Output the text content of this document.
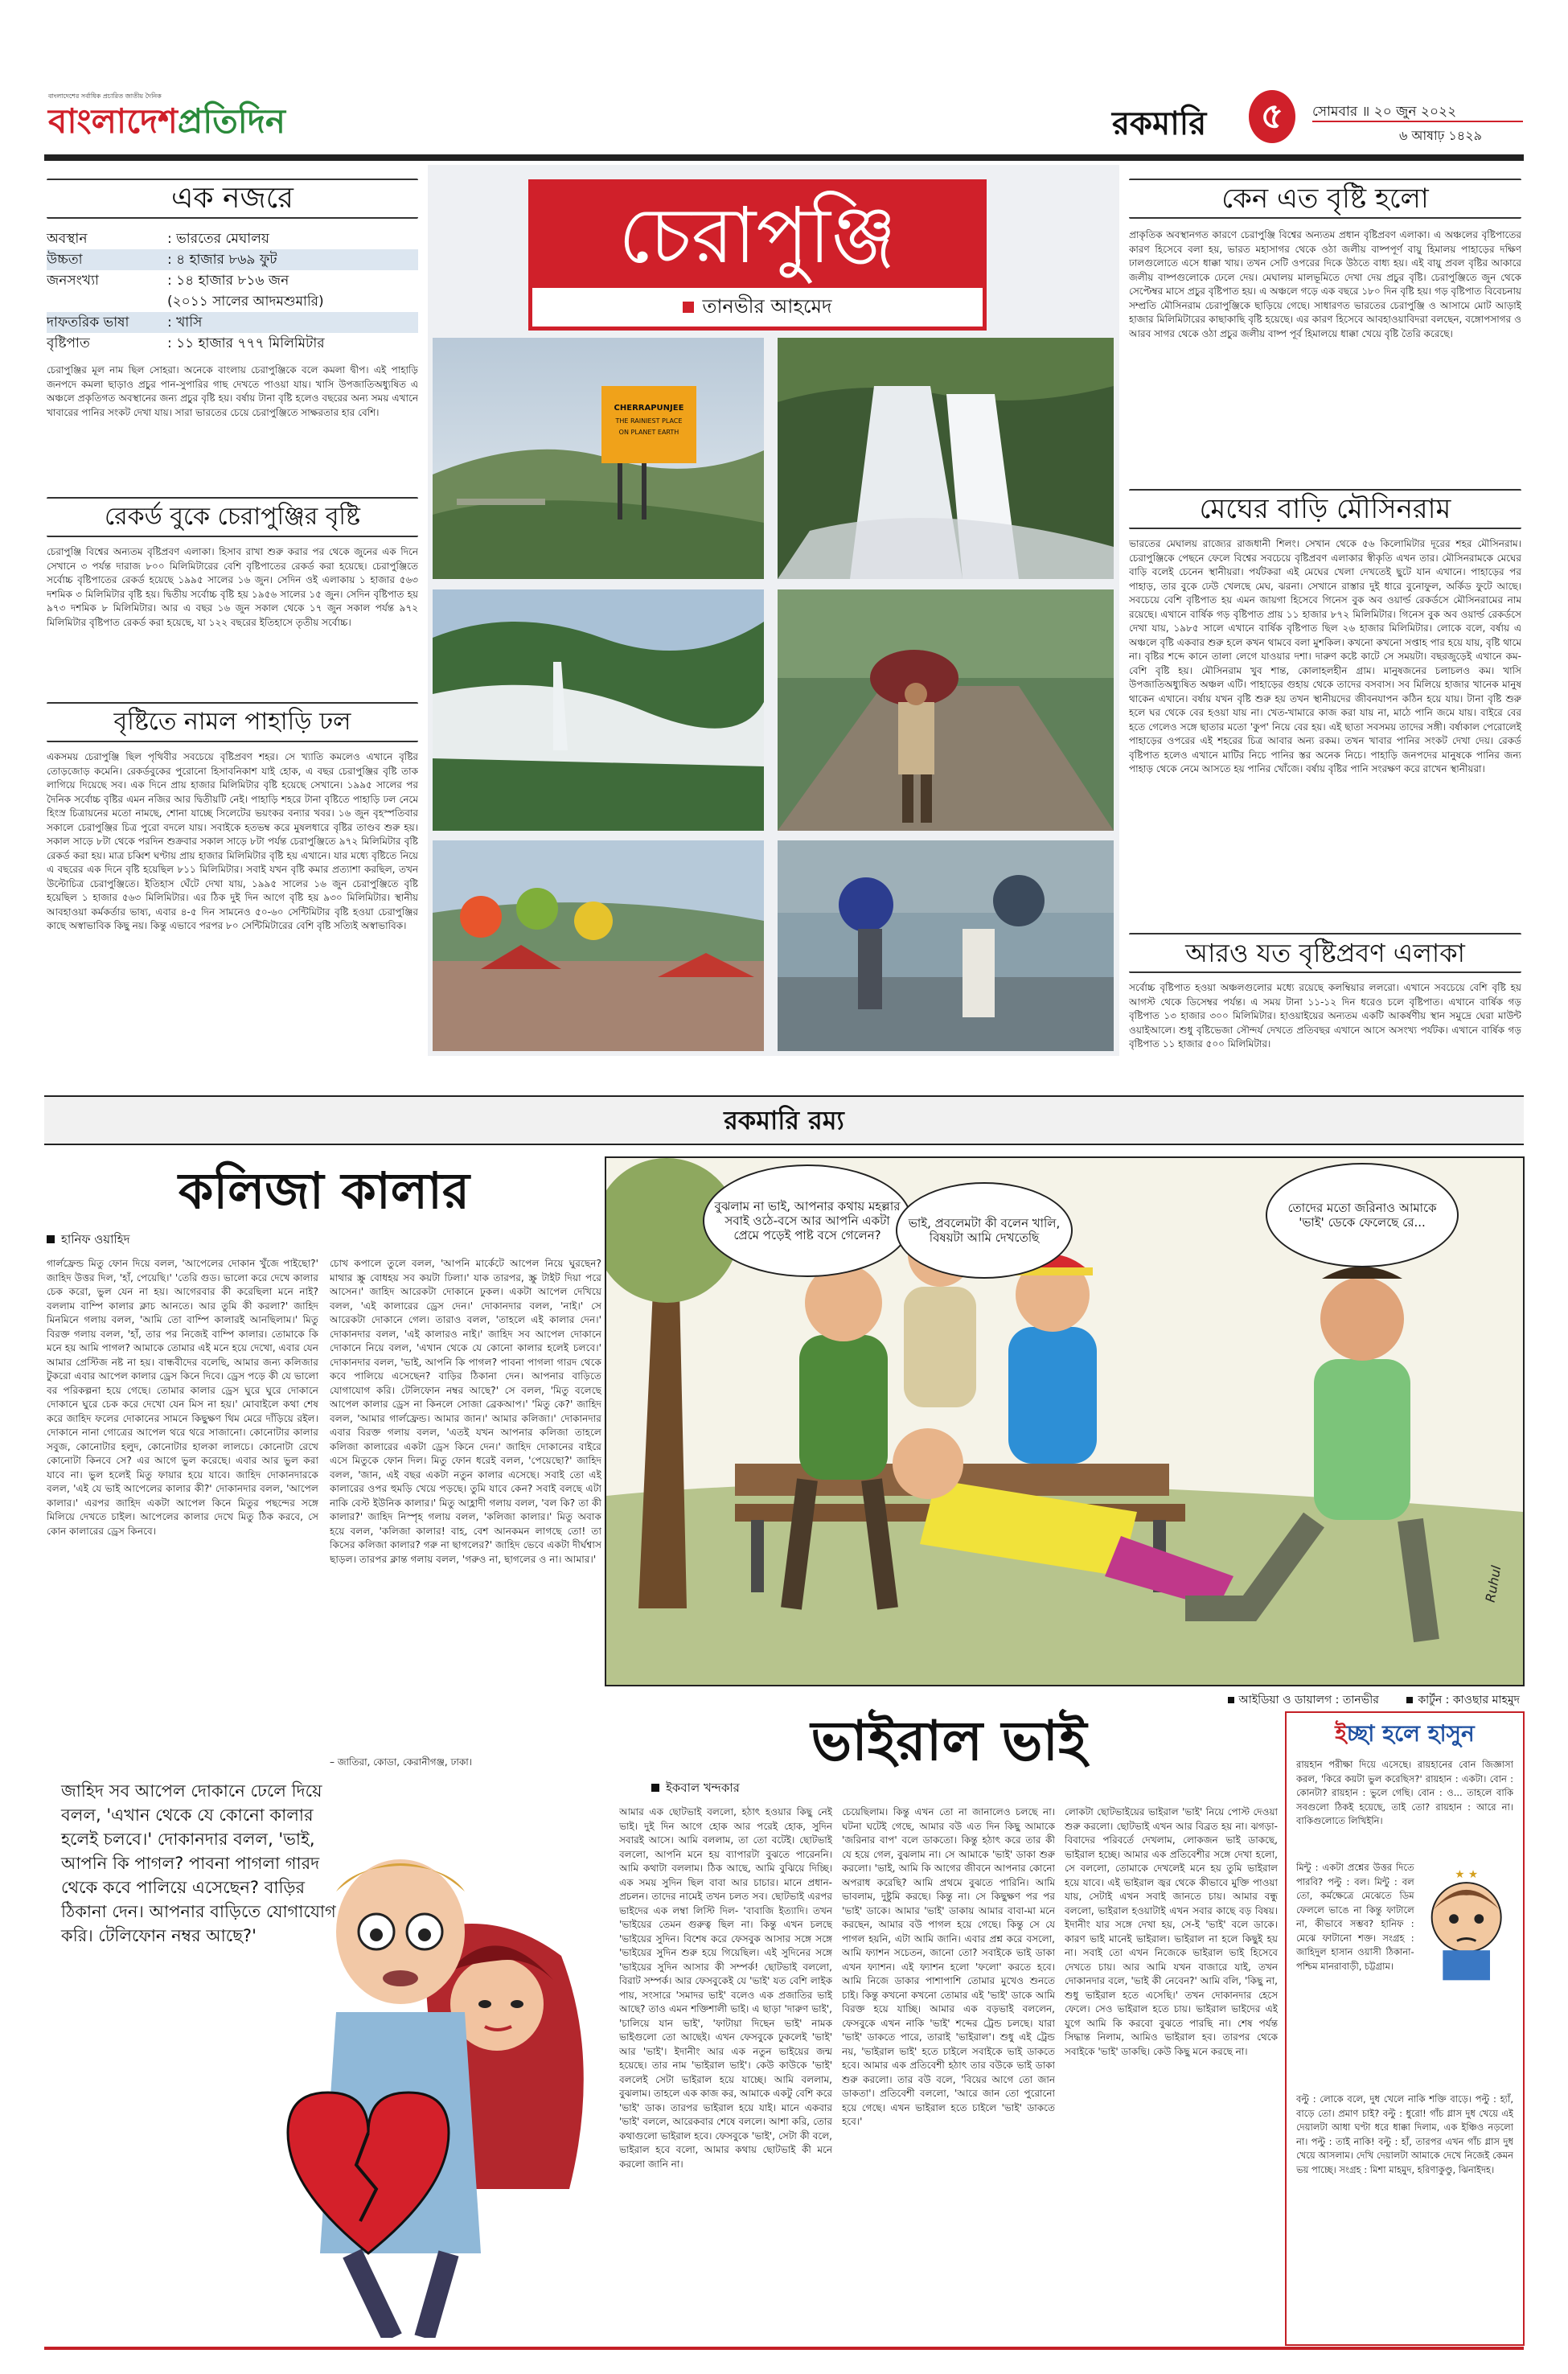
বাংলাদেশের সর্বাধিক প্রচারিত জাতীয় দৈনিক
বাংলাদেশপ্রতিদিন	রকমারি	৫	সোমবার ॥ ২০ জুন ২০২২
৬ আষাঢ় ১৪২৯
এক নজরে
অবস্থান	: ভারতের মেঘালয়
উচ্চতা	: ৪ হাজার ৮৬৯ ফুট
জনসংখ্যা	: ১৪ হাজার ৮১৬ জন
(২০১১ সালের আদমশুমারি)
দাফতরিক ভাষা	: খাসি
বৃষ্টিপাত	: ১১ হাজার ৭৭৭ মিলিমিটার
চেরাপুঞ্জির মূল নাম ছিল সোহরা। অনেকে বাংলায় চেরাপুঞ্জিকে বলে কমলা দ্বীপ। এই পাহাড়ি জনপদে কমলা ছাড়াও প্রচুর পান-সুপারির গাছ দেখতে পাওয়া যায়। খাসি উপজাতিঅধ্যুষিত এ অঞ্চলে প্রকৃতিগত অবস্থানের জন্য প্রচুর বৃষ্টি হয়। বর্ষায় টানা বৃষ্টি হলেও বছরের অন্য সময় এখানে খাবারের পানির সংকট দেখা যায়। সারা ভারতের চেয়ে চেরাপুঞ্জিতে সাক্ষরতার হার বেশি।
রেকর্ড বুকে চেরাপুঞ্জির বৃষ্টি
চেরাপুঞ্জি বিশ্বের অন্যতম বৃষ্টিপ্রবণ এলাকা। হিসাব রাখা শুরু করার পর থেকে জুনের এক দিনে সেখানে ৩ পর্যন্ত দারাজ ৮০০ মিলিমিটারের বেশি বৃষ্টিপাতের রেকর্ড করা হয়েছে। চেরাপুঞ্জিতে সর্বোচ্চ বৃষ্টিপাতের রেকর্ড হয়েছে ১৯৯৫ সালের ১৬ জুন। সেদিন ওই এলাকায় ১ হাজার ৫৬৩ দশমিক ৩ মিলিমিটার বৃষ্টি হয়। দ্বিতীয় সর্বোচ্চ বৃষ্টি হয় ১৯৫৬ সালের ১৫ জুন। সেদিন বৃষ্টিপাত হয় ৯৭৩ দশমিক ৮ মিলিমিটার। আর এ বছর ১৬ জুন সকাল থেকে ১৭ জুন সকাল পর্যন্ত ৯৭২ মিলিমিটার বৃষ্টিপাত রেকর্ড করা হয়েছে, যা ১২২ বছরের ইতিহাসে তৃতীয় সর্বোচ্চ।
বৃষ্টিতে নামল পাহাড়ি ঢল
একসময় চেরাপুঞ্জি ছিল পৃথিবীর সবচেয়ে বৃষ্টিপ্রবণ শহর। সে খ্যাতি কমলেও এখানে বৃষ্টির তোড়জোড় কমেনি। রেকর্ডবুকের পুরোনো হিসাবনিকাশ যাই হোক, এ বছর চেরাপুঞ্জির বৃষ্টি তাক লাগিয়ে দিয়েছে সব। এক দিনে প্রায় হাজার মিলিমিটার বৃষ্টি হয়েছে সেখানে। ১৯৯৫ সালের পর দৈনিক সর্বোচ্চ বৃষ্টির এমন নজির আর দ্বিতীয়টি নেই। পাহাড়ি শহরে টানা বৃষ্টিতে পাহাড়ি ঢল নেমে হিংস্র চিত্রায়নের মতো নামছে, শোনা যাচ্ছে সিলেটের ভয়ংকর বন্যার খবর। ১৬ জুন বৃহস্পতিবার সকালে চেরাপুঞ্জির চিত্র পুরো বদলে যায়। সবাইকে হতভম্ব করে মুষলধারে বৃষ্টির তাণ্ডব শুরু হয়। সকাল সাড়ে ৮টা থেকে পরদিন শুক্রবার সকাল সাড়ে ৮টা পর্যন্ত চেরাপুঞ্জিতে ৯৭২ মিলিমিটার বৃষ্টি রেকর্ড করা হয়। মাত্র চব্বিশ ঘণ্টায় প্রায় হাজার মিলিমিটার বৃষ্টি হয় এখানে। যার মধ্যে বৃষ্টিতে নিয়ে এ বছরের এক দিনে বৃষ্টি হয়েছিল ৮১১ মিলিমিটার। সবাই যখন বৃষ্টি কমার প্রত্যাশা করছিল, তখন উল্টোচিত্র চেরাপুঞ্জিতে। ইতিহাস ঘেঁটে দেখা যায়, ১৯৯৫ সালের ১৬ জুন চেরাপুঞ্জিতে বৃষ্টি হয়েছিল ১ হাজার ৫৬৩ মিলিমিটার। এর ঠিক দুই দিন আগে বৃষ্টি হয় ৯৩০ মিলিমিটার। স্থানীয় আবহাওয়া কর্মকর্তার ভাষ্য, এবার ৪-৫ দিন সামনেও ৫০-৬০ সেন্টিমিটার বৃষ্টি হওয়া চেরাপুঞ্জির কাছে অস্বাভাবিক কিছু নয়। কিন্তু এভাবে পরপর ৮০ সেন্টিমিটারের বেশি বৃষ্টি সত্যিই অস্বাভাবিক।
চেরাপুঞ্জি
তানভীর আহমেদ
CHERRAPUNJEE
THE RAINIEST PLACE
ON PLANET EARTH
কেন এত বৃষ্টি হলো
প্রাকৃতিক অবস্থানগত কারণে চেরাপুঞ্জি বিশ্বের অন্যতম প্রধান বৃষ্টিপ্রবণ এলাকা। এ অঞ্চলের বৃষ্টিপাতের কারণ হিসেবে বলা হয়, ভারত মহাসাগর থেকে ওঠা জলীয় বাষ্পপূর্ণ বায়ু হিমালয় পাহাড়ের দক্ষিণ ঢালগুলোতে এসে ধাক্কা খায়। তখন সেটি ওপরের দিকে উঠতে বাধ্য হয়। এই বায়ু প্রবল বৃষ্টির আকারে জলীয় বাষ্পগুলোকে ঢেলে দেয়। মেঘালয় মালভূমিতে দেখা দেয় প্রচুর বৃষ্টি। চেরাপুঞ্জিতে জুন থেকে সেপ্টেম্বর মাসে প্রচুর বৃষ্টিপাত হয়। এ অঞ্চলে গড়ে এক বছরে ১৮০ দিন বৃষ্টি হয়। গড় বৃষ্টিপাত বিবেচনায় সম্প্রতি মৌসিনরাম চেরাপুঞ্জিকে ছাড়িয়ে গেছে। সাধারণত ভারতের চেরাপুঞ্জি ও আসামে মোট আড়াই হাজার মিলিমিটারের কাছাকাছি বৃষ্টি হয়েছে। এর কারণ হিসেবে আবহাওয়াবিদরা বলছেন, বঙ্গোপসাগর ও আরব সাগর থেকে ওঠা প্রচুর জলীয় বাষ্প পূর্ব হিমালয়ে ধাক্কা খেয়ে বৃষ্টি তৈরি করেছে।
মেঘের বাড়ি মৌসিনরাম
ভারতের মেঘালয় রাজ্যের রাজধানী শিলং। সেখান থেকে ৫৬ কিলোমিটার দূরের শহর মৌসিনরাম। চেরাপুঞ্জিকে পেছনে ফেলে বিশ্বের সবচেয়ে বৃষ্টিপ্রবণ এলাকার স্বীকৃতি এখন তার। মৌসিনরামকে মেঘের বাড়ি বলেই চেনেন স্থানীয়রা। পর্যটকরা এই মেঘের খেলা দেখতেই ছুটে যান এখানে। পাহাড়ের পর পাহাড়, তার বুকে ঢেউ খেলছে মেঘ, ঝরনা। সেখানে রাস্তার দুই ধারে বুনোফুল, অর্কিড ফুটে আছে। সবচেয়ে বেশি বৃষ্টিপাত হয় এমন জায়গা হিসেবে গিনেস বুক অব ওয়ার্ল্ড রেকর্ডসে মৌসিনরামের নাম রয়েছে। এখানে বার্ষিক গড় বৃষ্টিপাত প্রায় ১১ হাজার ৮৭২ মিলিমিটার। গিনেস বুক অব ওয়ার্ল্ড রেকর্ডসে দেখা যায়, ১৯৮৫ সালে এখানে বার্ষিক বৃষ্টিপাত ছিল ২৬ হাজার মিলিমিটার। লোকে বলে, বর্ষায় এ অঞ্চলে বৃষ্টি একবার শুরু হলে কখন থামবে বলা মুশকিল। কখনো কখনো সপ্তাহ পার হয়ে যায়, বৃষ্টি থামে না। বৃষ্টির শব্দে কানে তালা লেগে যাওয়ার দশা। দারুণ কষ্টে কাটে সে সময়টা। বছরজুড়েই এখানে কম-বেশি বৃষ্টি হয়। মৌসিনরাম খুব শান্ত, কোলাহলহীন গ্রাম। মানুষজনের চলাচলও কম। খাসি উপজাতিঅধ্যুষিত অঞ্চল এটি। পাহাড়ের গুহায় থেকে তাদের বসবাস। সব মিলিয়ে হাজার খানেক মানুষ থাকেন এখানে। বর্ষায় যখন বৃষ্টি শুরু হয় তখন স্থানীয়দের জীবনযাপন কঠিন হয়ে যায়। টানা বৃষ্টি শুরু হলে ঘর থেকে বের হওয়া যায় না। খেত-খামারে কাজ করা যায় না, মাঠে পানি জমে যায়। বাইরে বের হতে গেলেও সঙ্গে ছাতার মতো 'কুপ' নিয়ে বের হয়। এই ছাতা সবসময় তাদের সঙ্গী। বর্ষাকাল পেরোলেই পাহাড়ের ওপরের এই শহরের চিত্র আবার অন্য রকম। তখন খাবার পানির সংকট দেখা দেয়। রেকর্ড বৃষ্টিপাত হলেও এখানে মাটির নিচে পানির স্তর অনেক নিচে। পাহাড়ি জনপদের মানুষকে পানির জন্য পাহাড় থেকে নেমে আসতে হয় পানির খোঁজে। বর্ষায় বৃষ্টির পানি সংরক্ষণ করে রাখেন স্থানীয়রা।
আরও যত বৃষ্টিপ্রবণ এলাকা
সর্বোচ্চ বৃষ্টিপাত হওয়া অঞ্চলগুলোর মধ্যে রয়েছে কলম্বিয়ার ললরো। এখানে সবচেয়ে বেশি বৃষ্টি হয় আগস্ট থেকে ডিসেম্বর পর্যন্ত। এ সময় টানা ১১-১২ দিন ধরেও চলে বৃষ্টিপাত। এখানে বার্ষিক গড় বৃষ্টিপাত ১৩ হাজার ৩০০ মিলিমিটার। হাওয়াইয়ের অন্যতম একটি আকর্ষণীয় স্থান সমুদ্রে ঘেরা মাউন্ট ওয়াইআলে। শুধু বৃষ্টিভেজা সৌন্দর্য দেখতে প্রতিবছর এখানে আসে অসংখ্য পর্যটক। এখানে বার্ষিক গড় বৃষ্টিপাত ১১ হাজার ৫০০ মিলিমিটার।
রকমারি রম্য
কলিজা কালার
হানিফ ওয়াহিদ
গার্লফ্রেন্ড মিতু ফোন দিয়ে বলল, 'আপেলের দোকান খুঁজে পাইছো?' জাহিদ উত্তর দিল, 'হাঁ, পেয়েছি।' 'তেরি গুড। ভালো করে দেখে কালার চেক করো, ভুল যেন না হয়। আগেরবার কী করেছিলা মনে নাই? বললাম বাম্পি কালার ক্লাচ আনতে। আর তুমি কী করলা?' জাহিদ মিনমিনে গলায় বলল, 'আমি তো বাম্পি কালারই আনছিলাম।' মিতু বিরক্ত গলায় বলল, 'হাঁ, তার পর নিজেই বাম্পি কালার। তোমাকে কি মনে হয় আমি পাগল? আমাকে তোমার এই মনে হয়ে দেখো, এবার যেন আমার প্রেস্টিজ নষ্ট না হয়। বান্ধবীদের বলেছি, আমার জন্য কলিজার টুকরো এবার আপেল কালার ড্রেস কিনে দিবে। ড্রেস পড়ে কী যে ভালো বর পরিকল্পনা হয়ে গেছে। তোমার কালার ড্রেস ঘুরে ঘুরে দোকানে দোকানে ঘুরে চেক করে দেখো যেন মিস না হয়।' মোবাইলে কথা শেষ করে জাহিদ ফলের দোকানের সামনে কিছুক্ষণ থিম মেরে দাঁড়িয়ে রইল। দোকানে নানা গোত্রের আপেল থরে থরে সাজানো। কোনোটার কালার সবুজ, কোনোটার হলুদ, কোনোটার হালকা লালচে। কোনোটা রেখে কোনোটা কিনবে সে? এর আগে ভুল করেছে। এবার আর ভুল করা যাবে না। ভুল হলেই মিতু ফায়ার হয়ে যাবে। জাহিদ দোকানদারকে বলল, 'এই যে ভাই আপেলের কালার কী?' দোকানদার বলল, 'আপেল কালার।' এরপর জাহিদ একটা আপেল কিনে মিতুর পছন্দের সঙ্গে মিলিয়ে দেখতে চাইল। আপেলের কালার দেখে মিতু ঠিক করবে, সে কোন কালারের ড্রেস কিনবে।
চোখ কপালে তুলে বলল, 'আপনি মার্কেটে আপেল নিয়ে ঘুরছেন? মাথার স্ক্রু বোধহয় সব কয়টা ঢিলা।' যাক তারপর, স্ক্রু টাইট দিয়া পরে আসেন।' জাহিদ আরেকটা দোকানে ঢুকল। একটা আপেল দেখিয়ে বলল, 'এই কালারের ড্রেস দেন।' দোকানদার বলল, 'নাই।' সে আরেকটা দোকানে গেল। তারাও বলল, 'তাহলে এই কালার দেন।' দোকানদার বলল, 'এই কালারও নাই।' জাহিদ সব আপেল দোকানে দোকানে নিয়ে বলল, 'এখান থেকে যে কোনো কালার হলেই চলবে।' দোকানদার বলল, 'ভাই, আপনি কি পাগল? পাবনা পাগলা গারদ থেকে কবে পালিয়ে এসেছেন? বাড়ির ঠিকানা দেন। আপনার বাড়িতে যোগাযোগ করি। টেলিফোন নম্বর আছে?' সে বলল, 'মিতু বলেছে আপেল কালার ড্রেস না কিনলে সোজা ব্রেকআপ।' 'মিতু কে?' জাহিদ বলল, 'আমার গার্লফ্রেন্ড। আমার জান।' আমার কলিজা।' দোকানদার এবার বিরক্ত গলায় বলল, 'এতই যখন আপনার কলিজা তাহলে কলিজা কালারের একটা ড্রেস কিনে দেন।' জাহিদ দোকানের বাইরে এসে মিতুকে ফোন দিল। মিতু ফোন ধরেই বলল, 'পেয়েছো?' জাহিদ বলল, 'জান, এই বছর একটা নতুন কালার এসেছে। সবাই তো এই কালারের ওপর হুমড়ি খেয়ে পড়ছে। তুমি যাবে কেন? সবাই বলছে এটা নাকি বেস্ট ইউনিক কালার।' মিতু আহ্লাদী গলায় বলল, 'বল কি? তা কী কালার?' জাহিদ নিস্পৃহ গলায় বলল, 'কলিজা কালার।' মিতু অবাক হয়ে বলল, 'কলিজা কালার! বাহ, বেশ আনকমন লাগছে তো! তা কিসের কলিজা কালার? গরু না ছাগলের?' জাহিদ ভেবে একটা দীর্ঘশ্বাস ছাড়ল। তারপর ক্লান্ত গলায় বলল, 'গরুও না, ছাগলের ও না। আমার।'
– জাতিরা, কোডা, কেরানীগঞ্জ, ঢাকা।
জাহিদ সব আপেল দোকানে ঢেলে দিয়ে বলল, 'এখান থেকে যে কোনো কালার হলেই চলবে।' দোকানদার বলল, 'ভাই, আপনি কি পাগল? পাবনা পাগলা গারদ থেকে কবে পালিয়ে এসেছেন? বাড়ির ঠিকানা দেন। আপনার বাড়িতে যোগাযোগ করি। টেলিফোন নম্বর আছে?'
বুঝলাম না ভাই, আপনার কথায় মহল্লার সবাই ওঠে-বসে আর আপনি একটা প্রেমে পড়েই পাষ্ট বসে গেলেন?
ভাই, প্রবলেমটা কী বলেন খালি, বিষয়টা আমি দেখতেছি
তোদের মতো জরিনাও আমাকে 'ভাই' ডেকে ফেলেছে রে...
Ruhul
আইডিয়া ও ডায়ালগ : তানভীর	কার্টুন : কাওছার মাহমুদ
ভাইরাল ভাই
ইকবাল খন্দকার
আমার এক ছোটভাই বললো, হঠাৎ হওয়ার কিছু নেই ভাই। দুই দিন আগে হোক আর পরেই হোক, সুদিন সবারই আসে। আমি বললাম, তা তো বটেই। ছোটভাই বললো, আপনি মনে হয় ব্যাপারটা বুঝতে পারেননি। আমি কথাটা বললাম। ঠিক আছে, আমি বুঝিয়ে দিচ্ছি। এক সময় সুদিন ছিল বাবা আর চাচার। মানে প্রধান-প্রচলন। তাদের নামেই তখন চলত সব। ছোটভাই এরপর ভাইদের এক লম্বা লিস্টি দিল- 'বাবাজি ইত্যাদি। তখন 'ভাইয়ের তেমন গুরুত্ব ছিল না। কিন্তু এখন চলছে 'ভাইয়ের সুদিন। বিশেষ করে ফেসবুক আসার সঙ্গে সঙ্গে 'ভাইয়ের সুদিন শুরু হয়ে গিয়েছিল। এই সুদিনের সঙ্গে 'ভাইয়ের সুদিন আসার কী সম্পর্ক! ছোটভাই বললো, বিরাট সম্পর্ক। আর ফেসবুকেই যে 'ভাই' যত বেশি লাইক পায়, সংসারে 'সমাদর ভাই' বলেও এক প্রজাতির ভাই আছে? তাও এমন শক্তিশালী ভাই। এ ছাড়া 'দারুণ ভাই', 'চালিয়ে যান ভাই', 'ফাটায়া দিছেন ভাই' নামক ভাইগুলো তো আছেই। এখন ফেসবুকে ঢুকলেই 'ভাই' আর 'ভাই'। ইদানীং আর এক নতুন ভাইয়ের জন্ম হয়েছে। তার নাম 'ভাইরাল ভাই'। কেউ কাউকে 'ভাই' বললেই সেটা ভাইরাল হয়ে যাচ্ছে। আমি বললাম, বুঝলাম। তাহলে এক কাজ কর, আমাকে একটু বেশি করে 'ভাই' ডাক। তারপর ভাইরাল হয়ে যাই। মানে একবার 'ভাই' বললে, আরেকবার শেষে বললে। আশা করি, তোর কথাগুলো ভাইরাল হবে। ফেসবুকে 'ভাই', সেটা কী বলে, ভাইরাল হবে বলো, আমার কথায় ছোটভাই কী মনে করলো জানি না।
চেয়েছিলাম। কিন্তু এখন তো না জানালেও চলছে না। ঘটনা ঘটেই গেছে, আমার বউ এত দিন কিছু আমাকে 'জরিনার বাপ' বলে ডাকতো। কিন্তু হঠাৎ করে তার কী যে হয়ে গেল, বুঝলাম না। সে আমাকে 'ভাই' ডাকা শুরু করলো। 'ভাই, আমি কি আগের জীবনে আপনার কোনো অপরাধ করেছি? আমি প্রথমে বুঝতে পারিনি। আমি ভাবলাম, দুষ্টুমি করছে। কিন্তু না। সে কিছুক্ষণ পর পর 'ভাই' ডাকে। আমার 'ভাই' ডাকায় আমার বাবা-মা মনে করছেন, আমার বউ পাগল হয়ে গেছে। কিন্তু সে যে পাগল হয়নি, এটা আমি জানি। এবার প্রশ্ন করে বসলো, আমি ফ্যাশন সচেতন, জানো তো? সবাইকে ভাই ডাকা এখন ফ্যাশন। এই ফ্যাশন হলো 'ফলো' করতে হবে। আমি নিজে ডাকার পাশাপাশি তোমার মুখেও শুনতে চাই। কিন্তু কখনো কখনো তোমার এই 'ভাই' ডাকে আমি বিরক্ত হয়ে যাচ্ছি। আমার এক বড়ভাই বললেন, ফেসবুকে এখন নাকি 'ভাই' শব্দের ট্রেন্ড চলছে। যারা 'ভাই' ডাকতে পারে, তারাই 'ভাইরাল'। শুধু এই ট্রেন্ড নয়, 'ভাইরাল ভাই' হতে চাইলে সবাইকে ভাই ডাকতে হবে। আমার এক প্রতিবেশী হঠাৎ তার বউকে ভাই ডাকা শুরু করলো। তার বউ বলে, 'বিয়ের আগে তো জান ডাকতা'। প্রতিবেশী বললো, 'আরে জান তো পুরোনো হয়ে গেছে। এখন ভাইরাল হতে চাইলে 'ভাই' ডাকতে হবে।'
লোকটা ছোটভাইয়ের ভাইরাল 'ভাই' নিয়ে পোস্ট দেওয়া শুরু করলো। ছোটভাই এখন আর বিব্রত হয় না। ঝগড়া-বিবাদের পরিবর্তে দেখলাম, লোকজন ভাই ডাকছে, ভাইরাল হচ্ছে। আমার এক প্রতিবেশীর সঙ্গে দেখা হলো, সে বললো, তোমাকে দেখলেই মনে হয় তুমি ভাইরাল হয়ে যাবে। এই ভাইরাল জ্বর থেকে কীভাবে মুক্তি পাওয়া যায়, সেটাই এখন সবাই জানতে চায়। আমার বন্ধু বললো, ভাইরাল হওয়াটাই এখন সবার কাছে বড় বিষয়। ইদানীং যার সঙ্গে দেখা হয়, সে-ই 'ভাই' বলে ডাকে। কারণ ভাই মানেই ভাইরাল। ভাইরাল না হলে কিছুই হয় না। সবাই তো এখন নিজেকে ভাইরাল ভাই হিসেবে দেখতে চায়। আর আমি যখন বাজারে যাই, তখন দোকানদার বলে, 'ভাই কী নেবেন?' আমি বলি, 'কিছু না, শুধু ভাইরাল হতে এসেছি।' তখন দোকানদার হেসে ফেলে। সেও ভাইরাল হতে চায়। ভাইরাল ভাইদের এই যুগে আমি কি করবো বুঝতে পারছি না। শেষ পর্যন্ত সিদ্ধান্ত নিলাম, আমিও ভাইরাল হব। তারপর থেকে সবাইকে 'ভাই' ডাকছি। কেউ কিছু মনে করছে না।
ইচ্ছা হলে হাসুন
রায়হান পরীক্ষা দিয়ে এসেছে। রায়হানের বোন জিজ্ঞাসা করল, 'কিরে কয়টা ভুল করেছিস?' রায়হান : একটা। বোন : কোনটা? রায়হান : ভুলে গেছি। বোন : ও... তাহলে বাকি সবগুলো ঠিকই হয়েছে, তাই তো? রায়হান : আরে না। বাকিগুলোতে লিখিইনি।
মিন্টু : একটা প্রশ্নের উত্তর দিতে পারবি? পল্টু : বল। মিন্টু : বল তো, কর্মক্ষেত্রে মেঝেতে ডিম ফেললে ভাঙে না কিন্তু ফাটালে না, কীভাবে সম্ভব? হানিফ : মেঝে ফাটানো শক্ত। সংগ্রহ : জাহিদুল হাসান ওয়াসী ঠিকানা-পশ্চিম মানরাবাড়ী, চট্টগ্রাম।
★ ★
বল্টু : লোকে বলে, দুধ খেলে নাকি শক্তি বাড়ে। পল্টু : হ্যাঁ, বাড়ে তো। প্রমাণ চাই? বল্টু : ধুরো! গাঁচ গ্লাস দুধ খেয়ে এই দেয়ালটা আধা ঘণ্টা ধরে ধাক্কা দিলাম, এক ইঞ্চিও নড়লো না। পল্টু : তাই নাকি! বল্টু : হাঁ, তারপর এখন গাঁচ গ্লাস দুধ খেয়ে আসলাম। দেখি দেয়ালটা আমাকে দেখে নিজেই কেমন ভয় পাচ্ছে। সংগ্রহ : মিশা মাহমুদ, হরিণাকুণ্ডু, ঝিনাইদহ।
